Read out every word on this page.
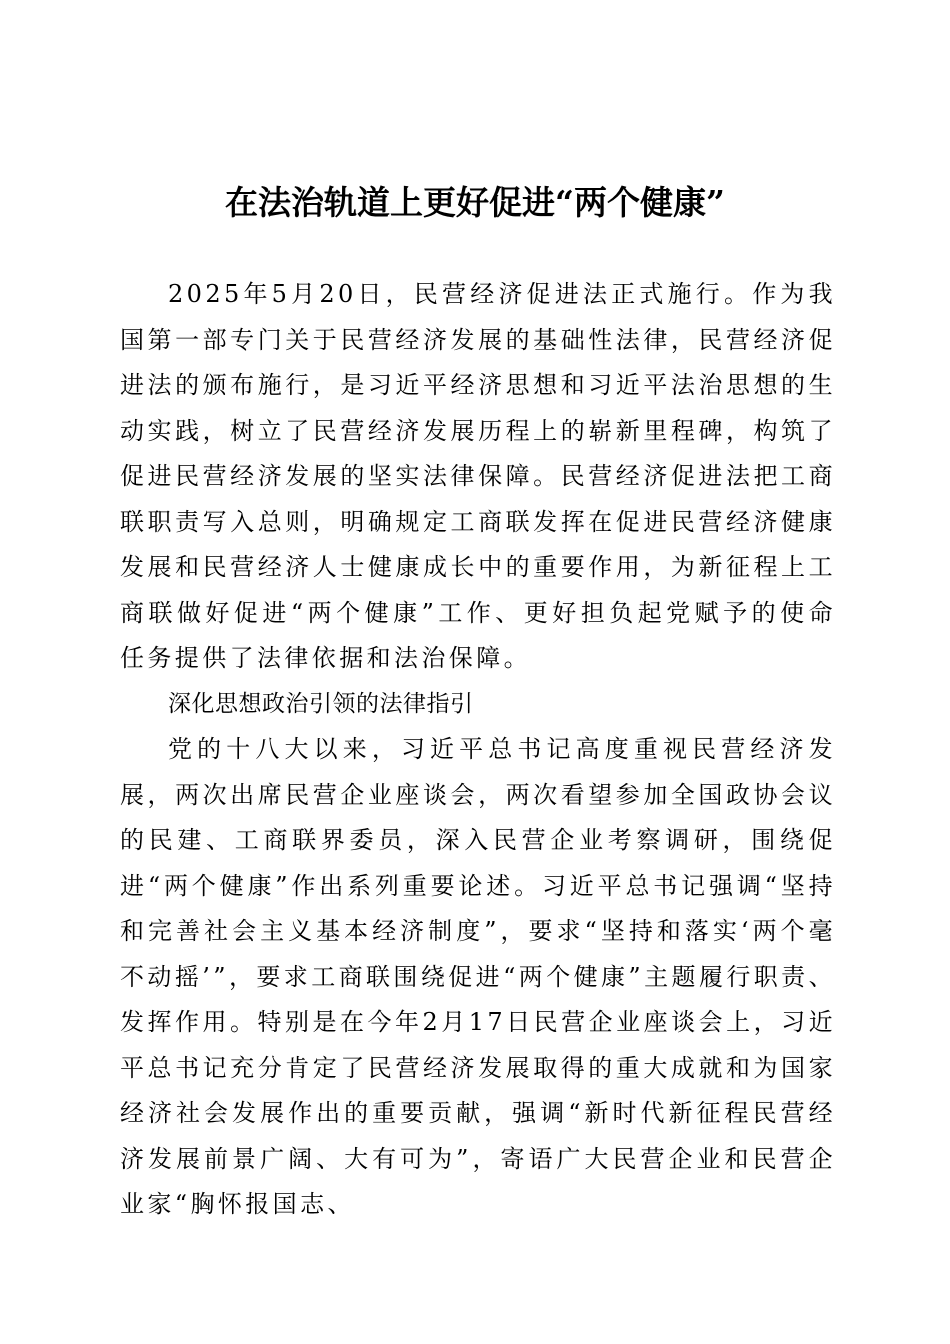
在法治轨道上更好促进“两个健康”

2025年5月20日，民营经济促进法正式施行。作为我国第一部专门关于民营经济发展的基础性法律，民营经济促进法的颁布施行，是习近平经济思想和习近平法治思想的生动实践，树立了民营经济发展历程上的崭新里程碑，构筑了促进民营经济发展的坚实法律保障。民营经济促进法把工商联职责写入总则，明确规定工商联发挥在促进民营经济健康发展和民营经济人士健康成长中的重要作用，为新征程上工商联做好促进“两个健康”工作、更好担负起党赋予的使命任务提供了法律依据和法治保障。

深化思想政治引领的法律指引

党的十八大以来，习近平总书记高度重视民营经济发展，两次出席民营企业座谈会，两次看望参加全国政协会议的民建、工商联界委员，深入民营企业考察调研，围绕促进“两个健康”作出系列重要论述。习近平总书记强调“坚持和完善社会主义基本经济制度”，要求“坚持和落实‘两个毫不动摇’”，要求工商联围绕促进“两个健康”主题履行职责、发挥作用。特别是在今年2月17日民营企业座谈会上，习近平总书记充分肯定了民营经济发展取得的重大成就和为国家经济社会发展作出的重要贡献，强调“新时代新征程民营经济发展前景广阔、大有可为”，寄语广大民营企业和民营企业家“胸怀报国志、
